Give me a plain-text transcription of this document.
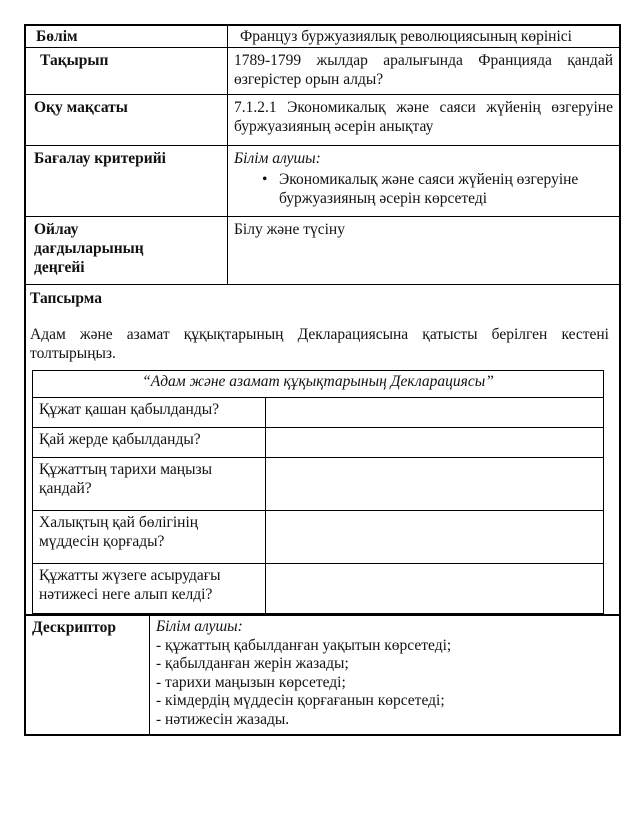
Бөлім	Француз буржуазиялық революциясының көрінісі
Тақырып	1789-1799 жылдар аралығында Францияда қандай
өзгерістер орын алды?

Оқу мақсаты	7.1.2.1 Экономикалық және саяси жүйенің өзгеруіне
буржуазияның әсерін анықтау

Бағалау критерийі	Білім алушы:
• Экономикалық және саяси жүйенің өзгеруіне
буржуазияның әсерін көрсетеді

Ойлау
дағдыларының
деңгейі
	Білу және түсіну

Тапсырма
Адам және азамат құқықтарының Декларациясына қатысты берілген кестені
толтырыңыз.
“Адам және азамат құқықтарының Декларациясы”
Құжат қашан қабылданды?	
Қай жерде қабылданды?	

Құжаттың тарихи маңызы
қандай?

Халықтың қай бөлігінің
мүддесін қорғады?

Құжатты жүзеге асырудағы
нәтижесі неге алып келді?

Дескриптор	Білім алушы:
- құжаттың қабылданған уақытын көрсетеді;
- қабылданған жерін жазады;
- тарихи маңызын көрсетеді;
- кімдердің мүддесін қорғағанын көрсетеді;
- нәтижесін жазады.
